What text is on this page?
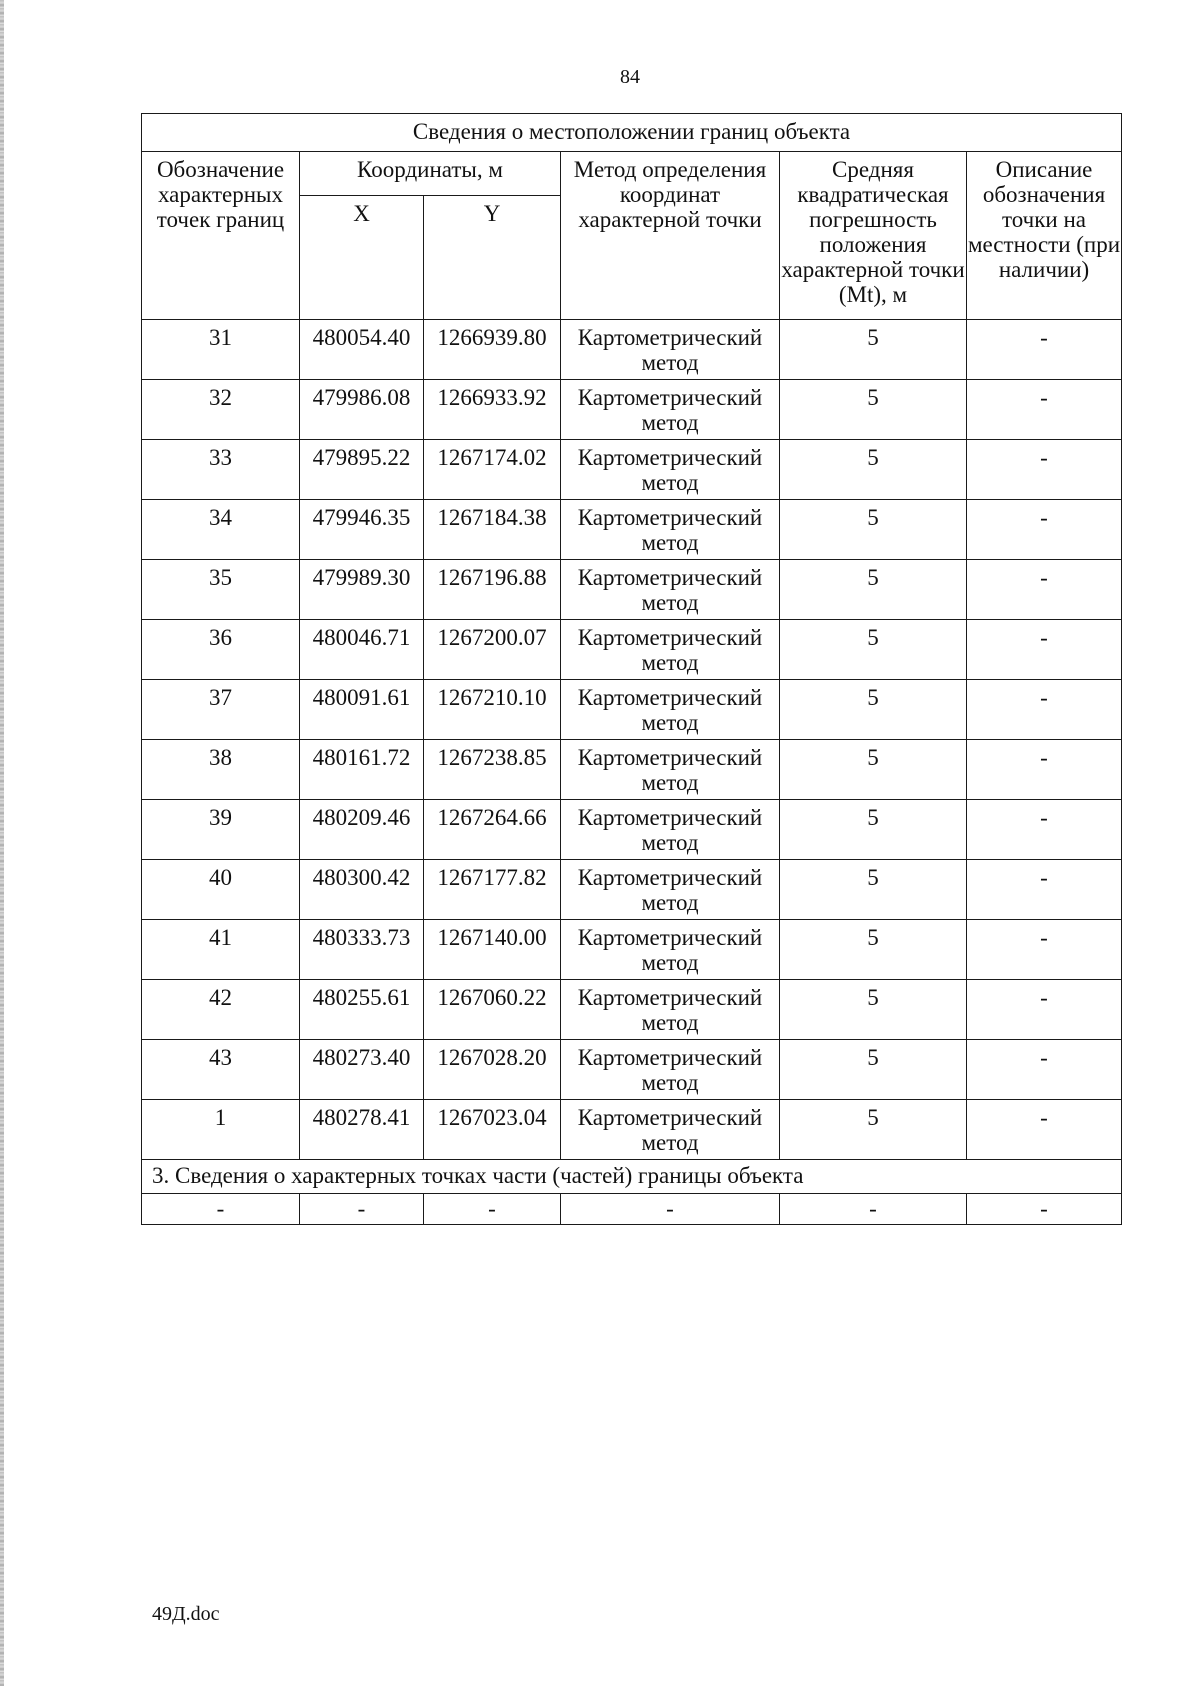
84
Сведения о местоположении границ объекта					
Обозначение характерных точек границ	Координаты, м		Метод определения координат характерной точки	Средняя квадратическая погрешность положения характерной точки (Mt), м	Описание обозначения точки на местности (при наличии)
	X	Y			
31	480054.40	1266939.80	Картометрический метод	5	-
32	479986.08	1266933.92	Картометрический метод	5	-
33	479895.22	1267174.02	Картометрический метод	5	-
34	479946.35	1267184.38	Картометрический метод	5	-
35	479989.30	1267196.88	Картометрический метод	5	-
36	480046.71	1267200.07	Картометрический метод	5	-
37	480091.61	1267210.10	Картометрический метод	5	-
38	480161.72	1267238.85	Картометрический метод	5	-
39	480209.46	1267264.66	Картометрический метод	5	-
40	480300.42	1267177.82	Картометрический метод	5	-
41	480333.73	1267140.00	Картометрический метод	5	-
42	480255.61	1267060.22	Картометрический метод	5	-
43	480273.40	1267028.20	Картометрический метод	5	-
1	480278.41	1267023.04	Картометрический метод	5	-
3. Сведения о характерных точках части (частей) границы объекта					
-	-	-	-	-	-
49Д.doc
